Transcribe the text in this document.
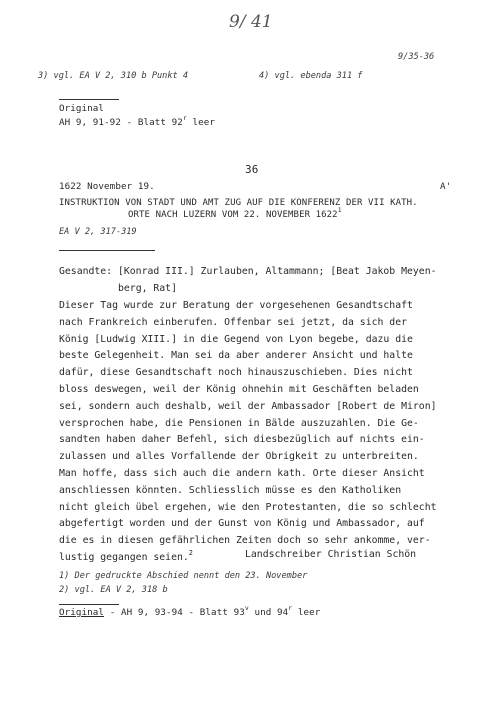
9/ 41
9/35-36
3) vgl. EA V 2, 310 b Punkt 4	4) vgl. ebenda 311 f
Original
AH 9, 91-92 - Blatt 92$^r$ leer
36
1622 November 19.	A'
INSTRUKTION VON STADT UND AMT ZUG AUF DIE KONFERENZ DER VII KATH.
ORTE NACH LUZERN VOM 22. NOVEMBER 1622$^1$
EA V 2, 317-319
Gesandte: [Konrad III.] Zurlauben, Altammann; [Beat Jakob Meyen-
berg, Rat]
Dieser Tag wurde zur Beratung der vorgesehenen Gesandtschaft
nach Frankreich einberufen. Offenbar sei jetzt, da sich der
König [Ludwig XIII.] in die Gegend von Lyon begebe, dazu die
beste Gelegenheit. Man sei da aber anderer Ansicht und halte
dafür, diese Gesandtschaft noch hinauszuschieben. Dies nicht
bloss deswegen, weil der König ohnehin mit Geschäften beladen
sei, sondern auch deshalb, weil der Ambassador [Robert de Miron]
versprochen habe, die Pensionen in Bälde auszuzahlen. Die Ge-
sandten haben daher Befehl, sich diesbezüglich auf nichts ein-
zulassen und alles Vorfallende der Obrigkeit zu unterbreiten.
Man hoffe, dass sich auch die andern kath. Orte dieser Ansicht
anschliessen könnten. Schliesslich müsse es den Katholiken
nicht gleich übel ergehen, wie den Protestanten, die so schlecht
abgefertigt worden und der Gunst von König und Ambassador, auf
die es in diesen gefährlichen Zeiten doch so sehr ankomme, ver-
lustig gegangen seien.$^2$	Landschreiber Christian Schön
1) Der gedruckte Abschied nennt den 23. November
2) vgl. EA V 2, 318 b
Original - AH 9, 93-94 - Blatt 93$^v$ und 94$^r$ leer
